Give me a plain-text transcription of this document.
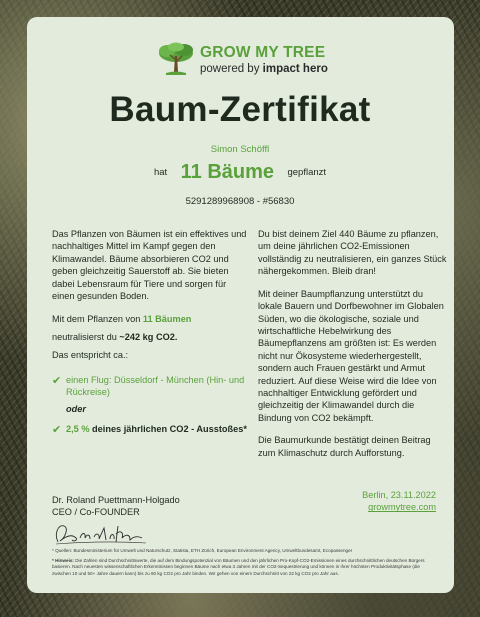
GROW MY TREE
powered by impact hero
Baum-Zertifikat
Simon Schöffl
hat 11 Bäume gepflanzt
5291289968908 - #56830

Das Pflanzen von Bäumen ist ein effektives und nachhaltiges Mittel im Kampf gegen den Klimawandel. Bäume absorbieren CO2 und geben gleichzeitig Sauerstoff ab. Sie bieten dabei Lebensraum für Tiere und sorgen für einen gesunden Boden.

Mit dem Pflanzen von 11 Bäumen

neutralisierst du ~242 kg CO2.

Das entspricht ca.:

✔ einen Flug: Düsseldorf - München (Hin- und Rückreise)
oder
✔ 2,5 % deines jährlichen CO2 - Ausstoßes*

Du bist deinem Ziel 440 Bäume zu pflanzen, um deine jährlichen CO2-Emissionen vollständig zu neutralisieren, ein ganzes Stück nähergekommen. Bleib dran!

Mit deiner Baumpflanzung unterstützt du lokale Bauern und Dorfbewohner im Globalen Süden, wo die ökologische, soziale und wirtschaftliche Hebelwirkung des Bäumepflanzens am größten ist: Es werden nicht nur Ökosysteme wiederhergestellt, sondern auch Frauen gestärkt und Armut reduziert. Auf diese Weise wird die Idee von nachhaltiger Entwicklung gefördert und gleichzeitig der Klimawandel durch die Bindung von CO2 bekämpft.

Die Baumurkunde bestätigt deinen Beitrag zum Klimaschutz durch Aufforstung.

Dr. Roland Puettmann-Holgado
CEO / Co-FOUNDER
Berlin, 23.11.2022
growmytree.com
* Quellen: Bundesministerium für Umwelt und Naturschutz, Statista, ETH Zürich, European Environment Agency, Umweltbundesamt, Ecopassenger
* Hinweis: Die Zahlen sind Durchschnittswerte, die auf dem Bindungspotenzial von Bäumen und den jährlichen Pro-Kopf-CO2-Emissionen eines durchschnittlichen deutschen Bürgers basieren. Nach neuesten wissenschaftlichen Erkenntnissen beginnen Bäume nach etwa 3 Jahren mit der CO2-Sequestrierung und können in ihrer höchsten Produktivitätsphase (die zwischen 10 und 50+ Jahre dauern kann) bis zu 60 kg CO2 pro Jahr binden. Wir gehen von einem Durchschnitt von 22 kg CO2 pro Jahr aus.
